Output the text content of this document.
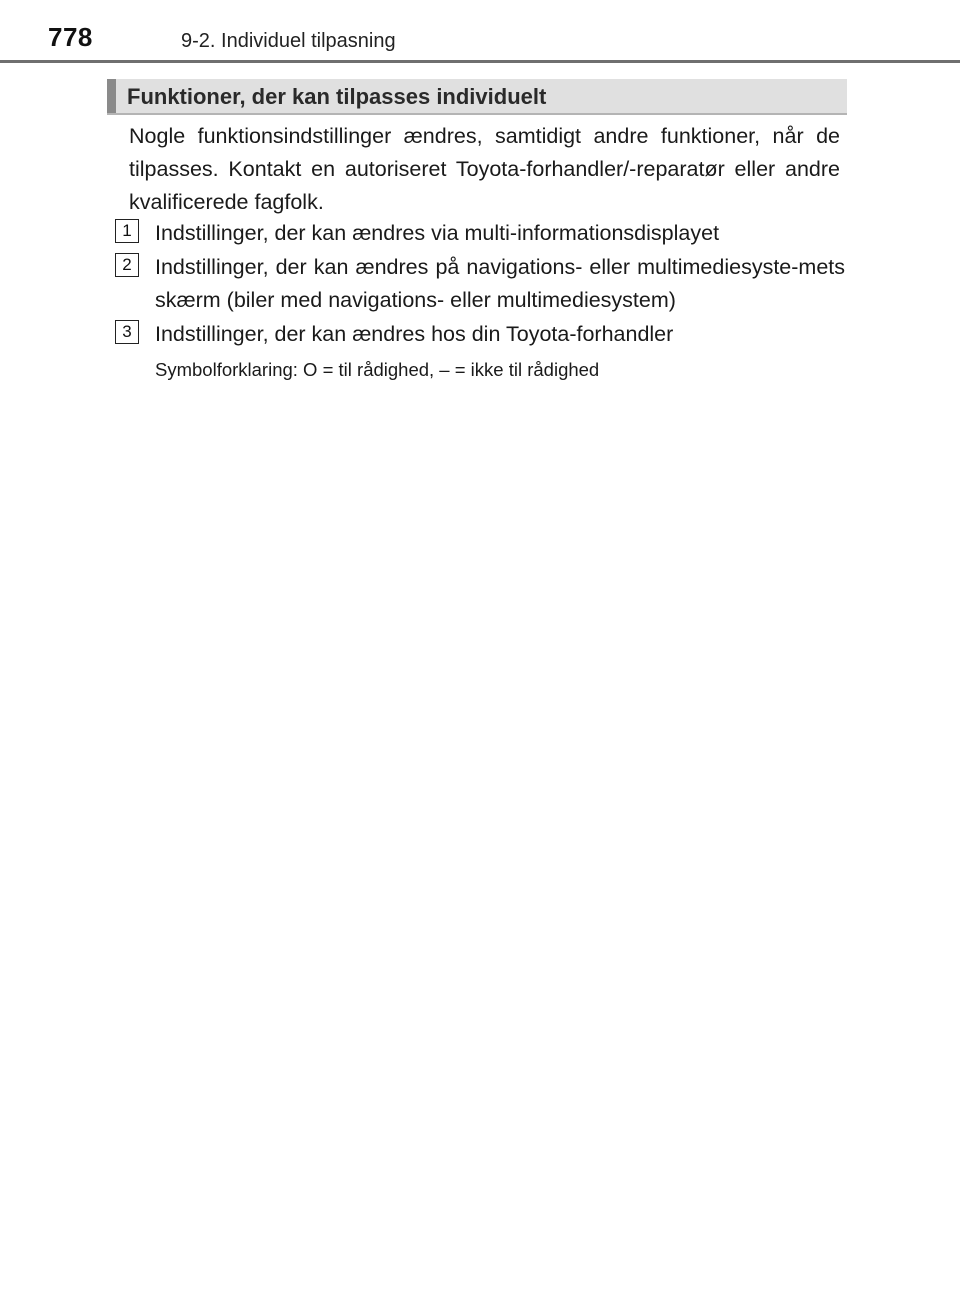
778	9-2. Individuel tilpasning
Funktioner, der kan tilpasses individuelt
Nogle funktionsindstillinger ændres, samtidigt andre funktioner, når de tilpasses. Kontakt en autoriseret Toyota-forhandler/-reparatør eller andre kvalificerede fagfolk.
1	Indstillinger, der kan ændres via multi-informationsdisplayet
2	Indstillinger, der kan ændres på navigations- eller multimediesyste-mets skærm (biler med navigations- eller multimediesystem)
3	Indstillinger, der kan ændres hos din Toyota-forhandler
Symbolforklaring: O = til rådighed, – = ikke til rådighed
